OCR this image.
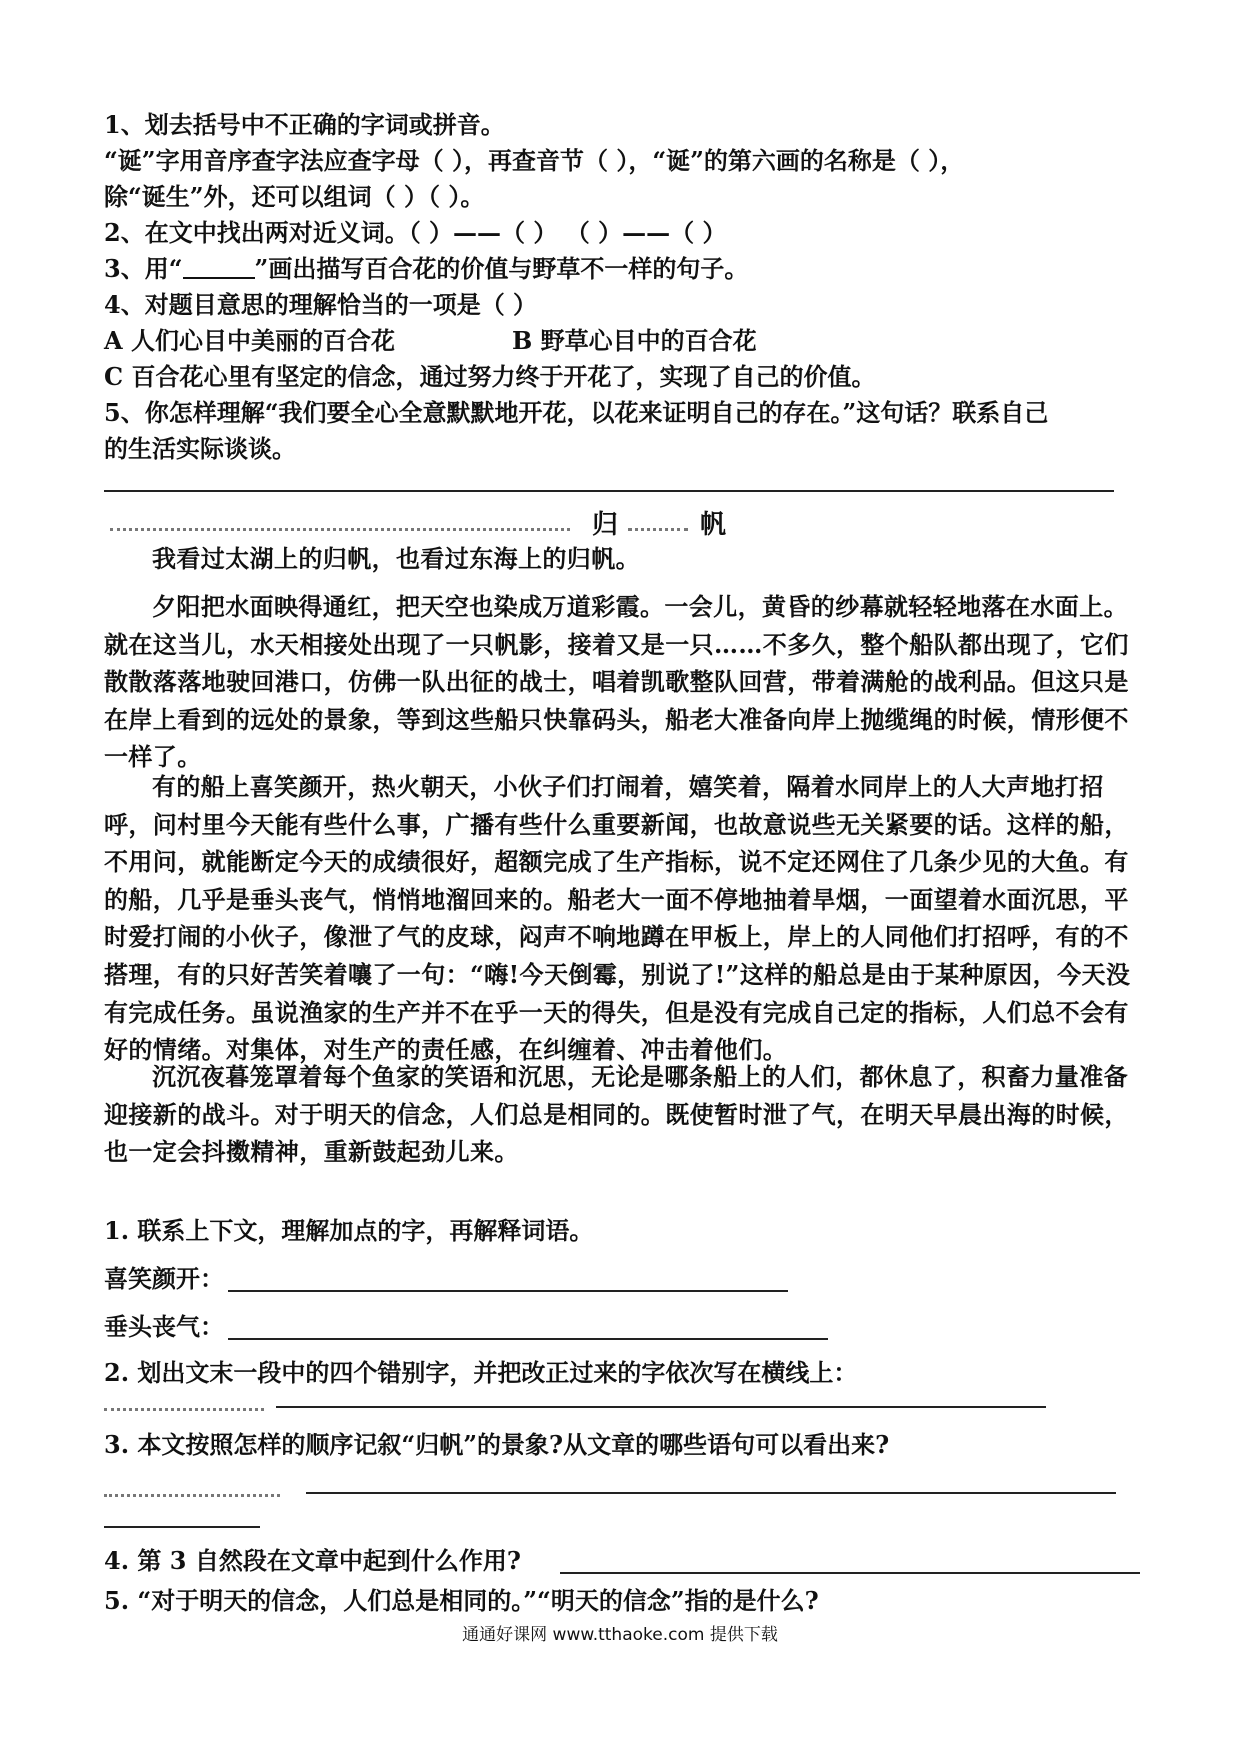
1、划去括号中不正确的字词或拼音。
“诞”字用音序查字法应查字母（ ），再查音节（ ），“诞”的第六画的名称是（ ），
除“诞生”外，还可以组词（ ）（ ）。
2、在文中找出两对近义词。（ ）——（ ） （ ）——（ ）
3、用“	”画出描写百合花的价值与野草不一样的句子。
4、对题目意思的理解恰当的一项是（ ）
A 人们心目中美丽的百合花	B 野草心目中的百合花
C 百合花心里有坚定的信念，通过努力终于开花了，实现了自己的价值。
5、你怎样理解“我们要全心全意默默地开花，以花来证明自己的存在。”这句话？联系自己
的生活实际谈谈。
归	帆

我看过太湖上的归帆，也看过东海上的归帆。

夕阳把水面映得通红，把天空也染成万道彩霞。一会儿，黄昏的纱幕就轻轻地落在水面上。就在这当儿，水天相接处出现了一只帆影，接着又是一只……不多久，整个船队都出现了，它们散散落落地驶回港口，仿佛一队出征的战士，唱着凯歌整队回营，带着满舱的战利品。但这只是在岸上看到的远处的景象，等到这些船只快靠码头，船老大准备向岸上抛缆绳的时候，情形便不一样了。

有的船上喜笑颜开，热火朝天，小伙子们打闹着，嬉笑着，隔着水同岸上的人大声地打招呼，问村里今天能有些什么事，广播有些什么重要新闻，也故意说些无关紧要的话。这样的船，不用问，就能断定今天的成绩很好，超额完成了生产指标，说不定还网住了几条少见的大鱼。有的船，几乎是垂头丧气，悄悄地溜回来的。船老大一面不停地抽着旱烟，一面望着水面沉思，平时爱打闹的小伙子，像泄了气的皮球，闷声不响地蹲在甲板上，岸上的人同他们打招呼，有的不搭理，有的只好苦笑着嚷了一句：“嗨!今天倒霉，别说了!”这样的船总是由于某种原因，今天没有完成任务。虽说渔家的生产并不在乎一天的得失，但是没有完成自己定的指标，人们总不会有好的情绪。对集体，对生产的责任感，在纠缠着、冲击着他们。

沉沉夜暮笼罩着每个鱼家的笑语和沉思，无论是哪条船上的人们，都休息了，积畜力量准备迎接新的战斗。对于明天的信念，人们总是相同的。既使暂时泄了气，在明天早晨出海的时候，也一定会抖擞精神，重新鼓起劲儿来。

1. 联系上下文，理解加点的字，再解释词语。
喜笑颜开：
垂头丧气：
2. 划出文末一段中的四个错别字，并把改正过来的字依次写在横线上：
3. 本文按照怎样的顺序记叙“归帆”的景象?从文章的哪些语句可以看出来?
4. 第 3 自然段在文章中起到什么作用?
5. “对于明天的信念，人们总是相同的。”“明天的信念”指的是什么?
通通好课网 www.tthaoke.com 提供下载
